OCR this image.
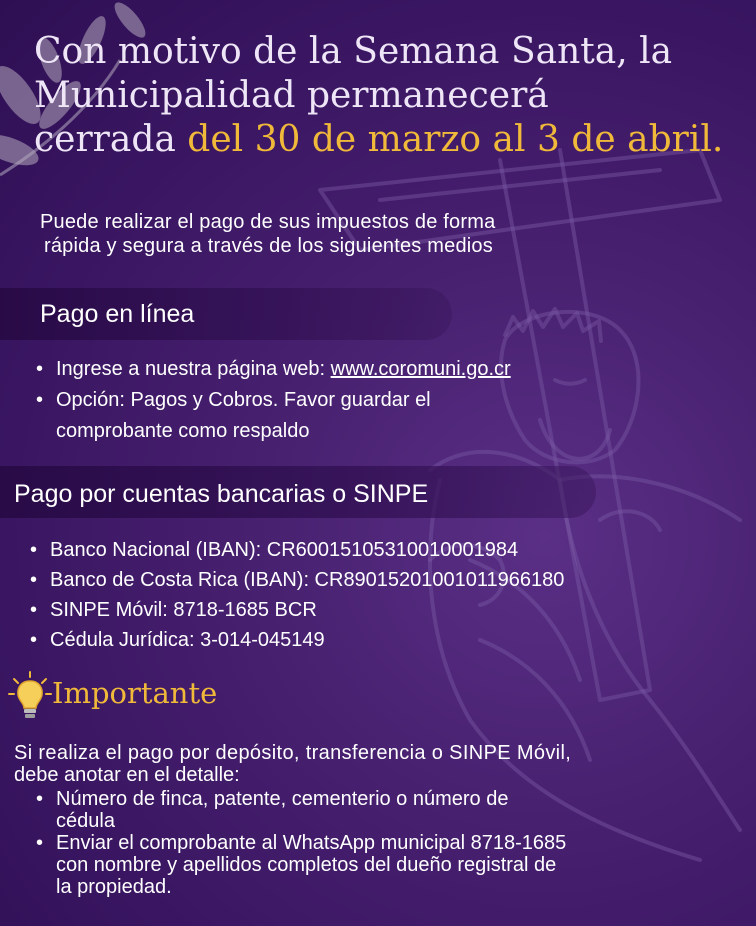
Con motivo de la Semana Santa, la
Municipalidad permanecerá
cerrada del 30 de marzo al 3 de abril.
Puede realizar el pago de sus impuestos de forma
rápida y segura a través de los siguientes medios
Pago en línea
• Ingrese a nuestra página web: www.coromuni.go.cr
• Opción: Pagos y Cobros. Favor guardar el
comprobante como respaldo
Pago por cuentas bancarias o SINPE
• Banco Nacional (IBAN): CR60015105310010001984
• Banco de Costa Rica (IBAN): CR89015201001011966180
• SINPE Móvil: 8718-1685 BCR
• Cédula Jurídica: 3-014-045149
Importante
Si realiza el pago por depósito, transferencia o SINPE Móvil,
debe anotar en el detalle:
• Número de finca, patente, cementerio o número de
cédula
• Enviar el comprobante al WhatsApp municipal 8718-1685
con nombre y apellidos completos del dueño registral de
la propiedad.
